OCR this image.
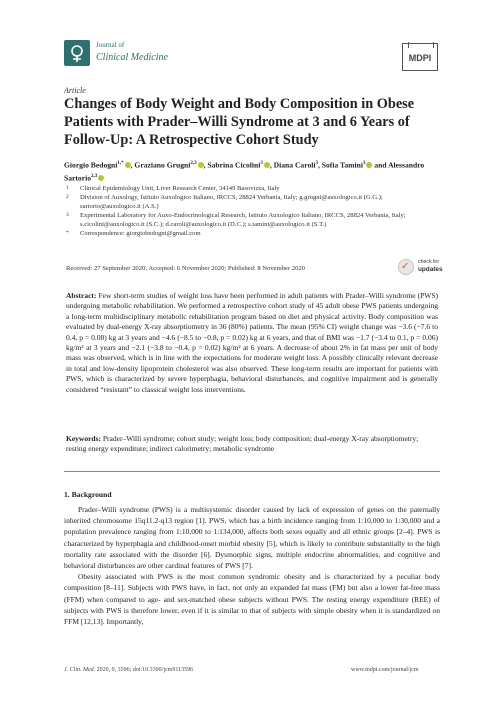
Journal of
Clinical Medicine	MDPI
Article
Changes of Body Weight and Body Composition in Obese Patients with Prader–Willi Syndrome at 3 and 6 Years of Follow-Up: A Retrospective Cohort Study
Giorgio Bedogni$^{1,*}$ , Graziano Grugni$^{2,3}$ , Sabrina Cicolini$^3$ , Diana Caroli$^3$, Sofia Tamini$^3$ and Alessandro Sartorio$^{2,3}$
1	Clinical Epidemiology Unit, Liver Research Center, 34149 Basovizza, Italy
2	Division of Auxology, Istituto Auxologico Italiano, IRCCS, 28824 Verbania, Italy; g.grugni@auxologico.it (G.G.); sartorio@auxologico.it (A.S.)
3	Experimental Laboratory for Auxo-Endocrinological Research, Istituto Auxologico Italiano, IRCCS, 28824 Verbania, Italy; s.cicolini@auxologico.it (S.C.); d.caroli@auxologico.it (D.C.); s.tamini@auxologico.it (S.T.)
*	Correspondence: giorgiobedogni@gmail.com
Received: 27 September 2020; Accepted: 6 November 2020; Published: 8 November 2020	✓ check for
updates
Abstract: Few short-term studies of weight loss have been performed in adult patients with Prader–Willi syndrome (PWS) undergoing metabolic rehabilitation. We performed a retrospective cohort study of 45 adult obese PWS patients undergoing a long-term multidisciplinary metabolic rehabilitation program based on diet and physical activity. Body composition was evaluated by dual-energy X-ray absorptiometry in 36 (80%) patients. The mean (95% CI) weight change was −3.6 (−7.6 to 0.4, p = 0.08) kg at 3 years and −4.6 (−8.5 to −0.8, p = 0.02) kg at 6 years, and that of BMI was −1.7 (−3.4 to 0.1, p = 0.06) kg/m² at 3 years and −2.1 (−3.8 to −0.4, p = 0.02) kg/m² at 6 years. A decrease of about 2% in fat mass per unit of body mass was observed, which is in line with the expectations for moderate weight loss. A possibly clinically relevant decrease in total and low-density lipoprotein cholesterol was also observed. These long-term results are important for patients with PWS, which is characterized by severe hyperphagia, behavioral disturbances, and cognitive impairment and is generally considered “resistant” to classical weight loss interventions.
Keywords: Prader–Willi syndrome; cohort study; weight loss; body composition; dual-energy X-ray absorptiometry; resting energy expenditure; indirect calorimetry; metabolic syndrome
1. Background

Prader–Willi syndrome (PWS) is a multisystemic disorder caused by lack of expression of genes on the paternally inherited chromosome 15q11.2-q13 region [1]. PWS, which has a birth incidence ranging from 1:10,000 to 1:30,000 and a population prevalence ranging from 1:10,000 to 1:134,000, affects both sexes equally and all ethnic groups [2–4]. PWS is characterized by hyperphagia and childhood-onset morbid obesity [5], which is likely to contribute substantially to the high mortality rate associated with the disorder [6]. Dysmorphic signs, multiple endocrine abnormalities, and cognitive and behavioral disturbances are other cardinal features of PWS [7].

Obesity associated with PWS is the most common syndromic obesity and is characterized by a peculiar body composition [8–11]. Subjects with PWS have, in fact, not only an expanded fat mass (FM) but also a lower fat-free mass (FFM) when compared to age- and sex-matched obese subjects without PWS. The resting energy expenditure (REE) of subjects with PWS is therefore lower, even if it is similar to that of subjects with simple obesity when it is standardized on FFM [12,13]. Importantly,

J. Clin. Med. 2020, 9, 3596; doi:10.3390/jcm9113596	www.mdpi.com/journal/jcm
